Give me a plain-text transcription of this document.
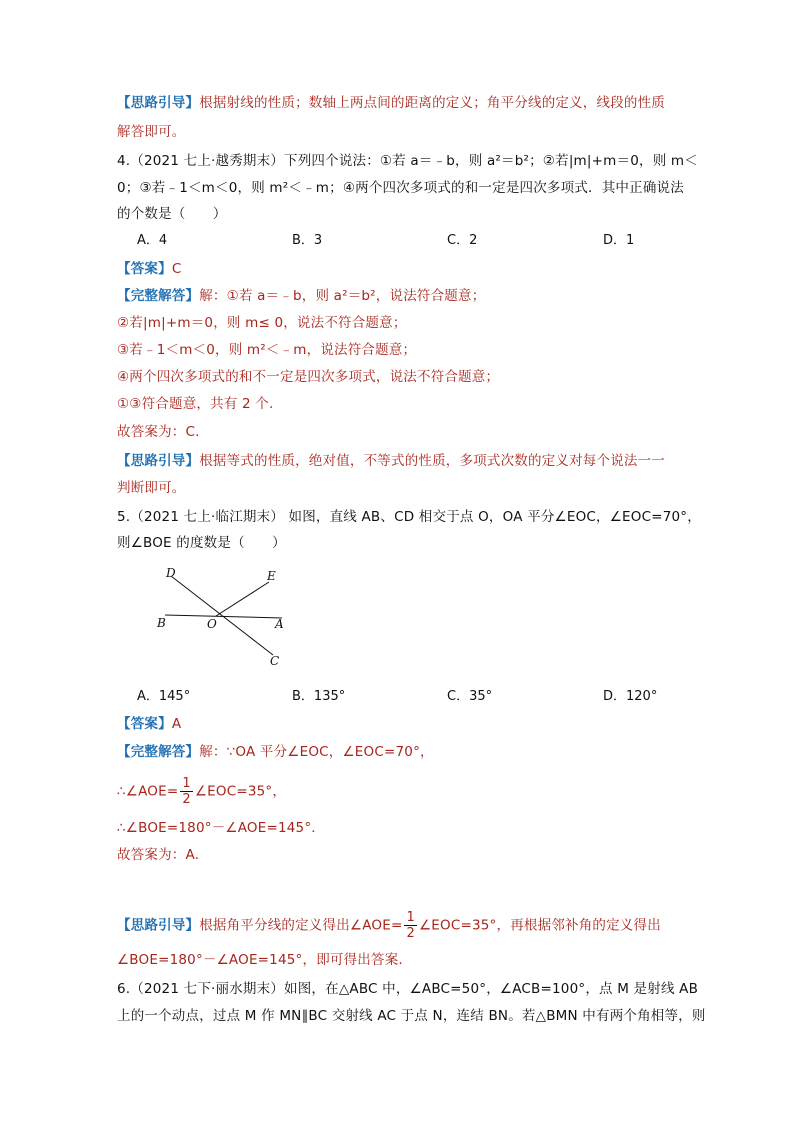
【思路引导】根据射线的性质；数轴上两点间的距离的定义；角平分线的定义，线段的性质
解答即可。
4.（2021 七上·越秀期末）下列四个说法：①若 a＝﹣b，则 a²＝b²；②若|m|+m＝0，则 m＜
0；③若﹣1＜m＜0，则 m²＜﹣m；④两个四次多项式的和一定是四次多项式．其中正确说法
的个数是（　　）
A．4	B．3	C．2	D．1
【答案】C
【完整解答】解：①若 a＝﹣b，则 a²＝b²，说法符合题意；
②若|m|+m＝0，则 m≤ 0，说法不符合题意；
③若﹣1＜m＜0，则 m²＜﹣m，说法符合题意；
④两个四次多项式的和不一定是四次多项式，说法不符合题意；
①③符合题意，共有 2 个.
故答案为：C.
【思路引导】根据等式的性质，绝对值，不等式的性质，多项式次数的定义对每个说法一一
判断即可。
5.（2021 七上·临江期末） 如图，直线 AB、CD 相交于点 O，OA 平分∠EOC，∠EOC=70°，
则∠BOE 的度数是（　　）
D	E
B	O	A
C
A．145°	B．135°	C．35°	D．120°
【答案】A
【完整解答】解：∵OA 平分∠EOC，∠EOC=70°，
∴∠AOE= $\frac{1}{2}$ ∠EOC=35°，
∴∠BOE=180°－∠AOE=145°．
故答案为：A.
【思路引导】根据角平分线的定义得出∠AOE= $\frac{1}{2}$ ∠EOC=35°，再根据邻补角的定义得出
∠BOE=180°－∠AOE=145°，即可得出答案.
6.（2021 七下·丽水期末）如图，在△ABC 中，∠ABC=50°，∠ACB=100°，点 M 是射线 AB
上的一个动点，过点 M 作 MN∥BC 交射线 AC 于点 N，连结 BN。若△BMN 中有两个角相等，则
